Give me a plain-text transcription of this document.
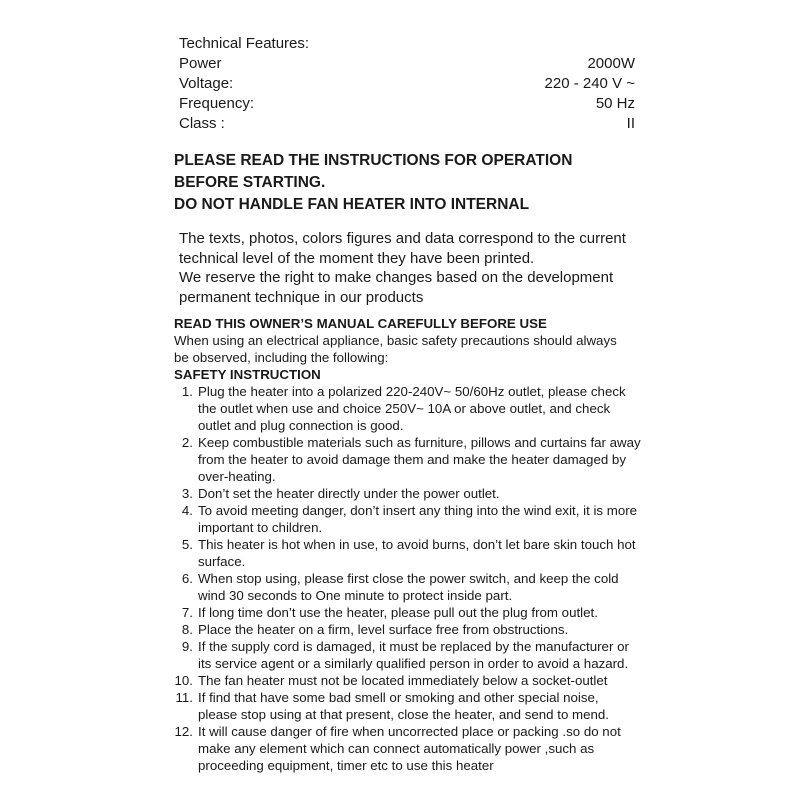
Technical Features:
Power	2000W
Voltage:	220 - 240 V ~
Frequency:	50 Hz
Class :	II
PLEASE READ THE INSTRUCTIONS FOR OPERATION
BEFORE STARTING.
DO NOT HANDLE FAN HEATER INTO INTERNAL
The texts, photos, colors figures and data correspond to the current
technical level of the moment they have been printed.
We reserve the right to make changes based on the development
permanent technique in our products
READ THIS OWNER’S MANUAL CAREFULLY BEFORE USE
When using an electrical appliance, basic safety precautions should always
be observed, including the following:
SAFETY INSTRUCTION
1. Plug the heater into a polarized 220-240V~ 50/60Hz outlet, please check
the outlet when use and choice 250V~ 10A or above outlet, and check
outlet and plug connection is good.
2. Keep combustible materials such as furniture, pillows and curtains far away
from the heater to avoid damage them and make the heater damaged by
over-heating.
3. Don’t set the heater directly under the power outlet.
4. To avoid meeting danger, don’t insert any thing into the wind exit, it is more
important to children.
5. This heater is hot when in use, to avoid burns, don’t let bare skin touch hot
surface.
6. When stop using, please first close the power switch, and keep the cold
wind 30 seconds to One minute to protect inside part.
7. If long time don’t use the heater, please pull out the plug from outlet.
8. Place the heater on a firm, level surface free from obstructions.
9. If the supply cord is damaged, it must be replaced by the manufacturer or
its service agent or a similarly qualified person in order to avoid a hazard.
10. The fan heater must not be located immediately below a socket-outlet
11. If find that have some bad smell or smoking and other special noise,
please stop using at that present, close the heater, and send to mend.
12. It will cause danger of fire when uncorrected place or packing .so do not
make any element which can connect automatically power ,such as
proceeding equipment, timer etc to use this heater
